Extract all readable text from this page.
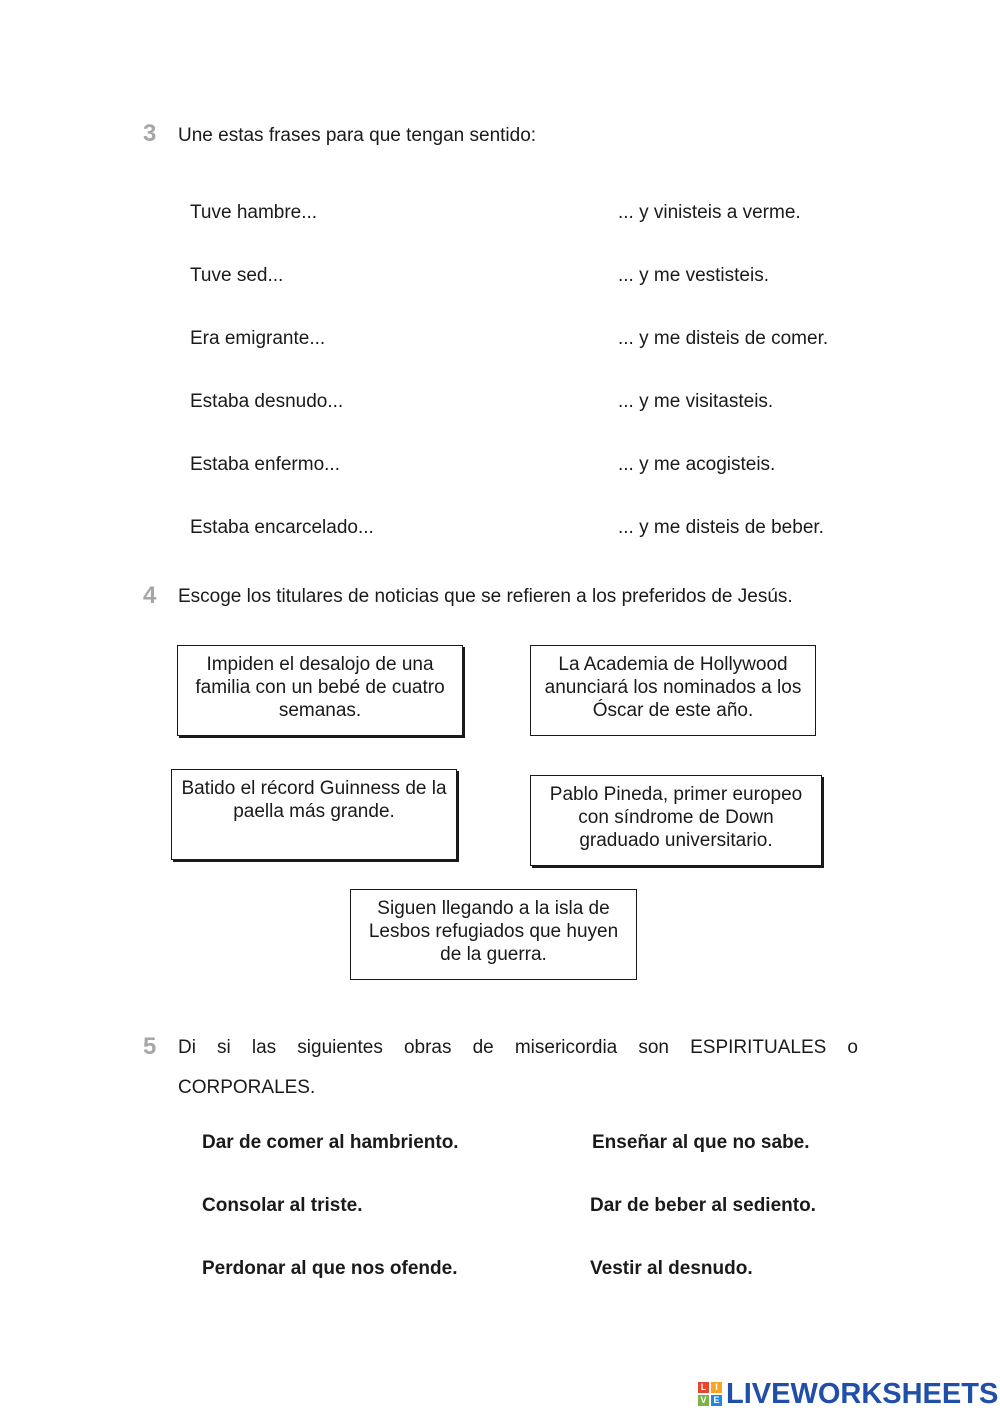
3 Une estas frases para que tengan sentido:
Tuve hambre...
Tuve sed...
Era emigrante...
Estaba desnudo...
Estaba enfermo...
Estaba encarcelado...
... y vinisteis a verme.
... y me vestisteis.
... y me disteis de comer.
... y me visitasteis.
... y me acogisteis.
... y me disteis de beber.
4 Escoge los titulares de noticias que se refieren a los preferidos de Jesús.
Impiden el desalojo de una familia con un bebé de cuatro semanas.
La Academia de Hollywood anunciará los nominados a los Óscar de este año.
Batido el récord Guinness de la paella más grande.
Pablo Pineda, primer europeo con síndrome de Down graduado universitario.
Siguen llegando a la isla de Lesbos refugiados que huyen de la guerra.
5 Di si las siguientes obras de misericordia son ESPIRITUALES o
CORPORALES.
Dar de comer al hambriento.
Consolar al triste.
Perdonar al que nos ofende.
Enseñar al que no sabe.
Dar de beber al sediento.
Vestir al desnudo.
L I
V E LIVEWORKSHEETS
